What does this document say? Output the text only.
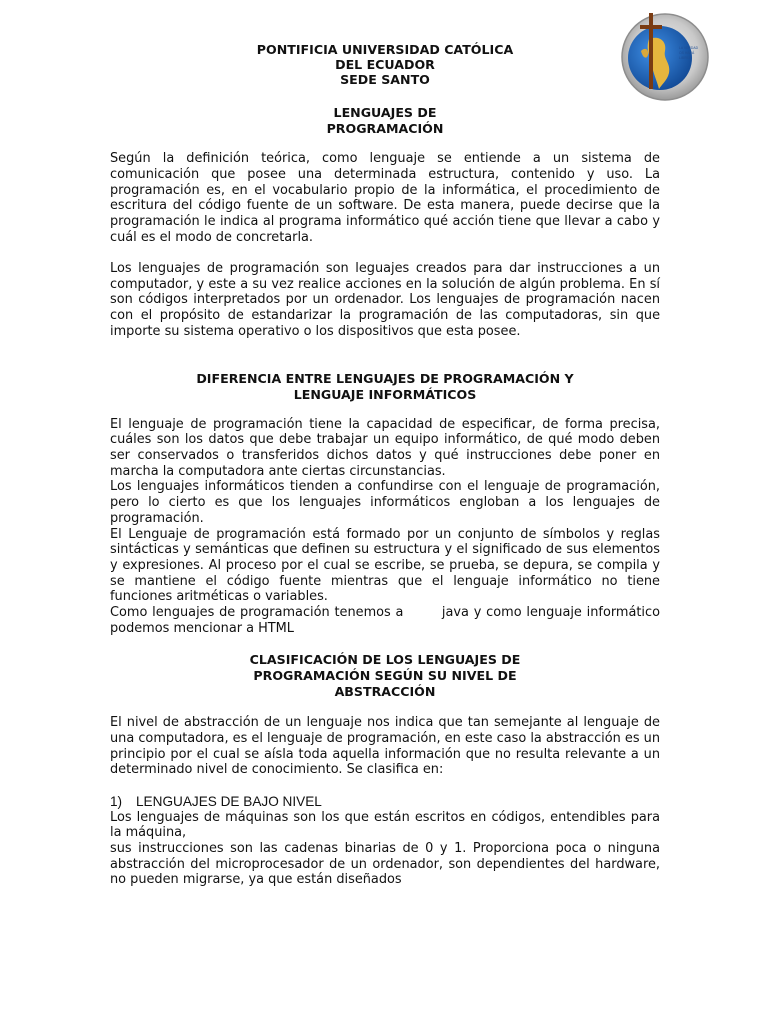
LA VERDAD
OS HARÁ
LIBRES

PONTIFICIA UNIVERSIDAD CATÓLICA

DEL ECUADOR

SEDE SANTO

LENGUAJES DE

PROGRAMACIÓN

Según la definición teórica, como lenguaje se entiende a un sistema de comunicación que posee una determinada estructura, contenido y uso. La programación es, en el vocabulario propio de la informática, el procedimiento de escritura del código fuente de un software. De esta manera, puede decirse que la programación le indica al programa informático qué acción tiene que llevar a cabo y cuál es el modo de concretarla.

Los lenguajes de programación son leguajes creados para dar instrucciones a un computador, y este a su vez realice acciones en la solución de algún problema. En sí son códigos interpretados por un ordenador. Los lenguajes de programación nacen con el propósito de estandarizar la programación de las computadoras, sin que importe su sistema operativo o los dispositivos que esta posee.

DIFERENCIA ENTRE LENGUAJES DE PROGRAMACIÓN Y

LENGUAJE INFORMÁTICOS

El lenguaje de programación tiene la capacidad de especificar, de forma precisa, cuáles son los datos que debe trabajar un equipo informático, de qué modo deben ser conservados o transferidos dichos datos y qué instrucciones debe poner en marcha la computadora ante ciertas circunstancias.

Los lenguajes informáticos tienden a confundirse con el lenguaje de programación, pero lo cierto es que los lenguajes informáticos engloban a los lenguajes de programación.

El Lenguaje de programación está formado por un conjunto de símbolos y reglas sintácticas y semánticas que definen su estructura y el significado de sus elementos y expresiones. Al proceso por el cual se escribe, se prueba, se depura, se compila y se mantiene el código fuente mientras que el lenguaje informático no tiene funciones aritméticas o variables.

Como lenguajes de programación tenemos a        java y como lenguaje informático podemos mencionar a HTML

CLASIFICACIÓN DE LOS LENGUAJES DE

PROGRAMACIÓN SEGÚN SU NIVEL DE

ABSTRACCIÓN

El nivel de abstracción de un lenguaje nos indica que tan semejante al lenguaje de una computadora, es el lenguaje de programación, en este caso la abstracción es un principio por el cual se aísla toda aquella información que no resulta relevante a un determinado nivel de conocimiento. Se clasifica en:

1) LENGUAJES DE BAJO NIVEL

Los lenguajes de máquinas son los que están escritos en códigos, entendibles para la máquina,

sus instrucciones son las cadenas binarias de 0 y 1. Proporciona poca o ninguna abstracción del microprocesador de un ordenador, son dependientes del hardware, no pueden migrarse, ya que están diseñados
